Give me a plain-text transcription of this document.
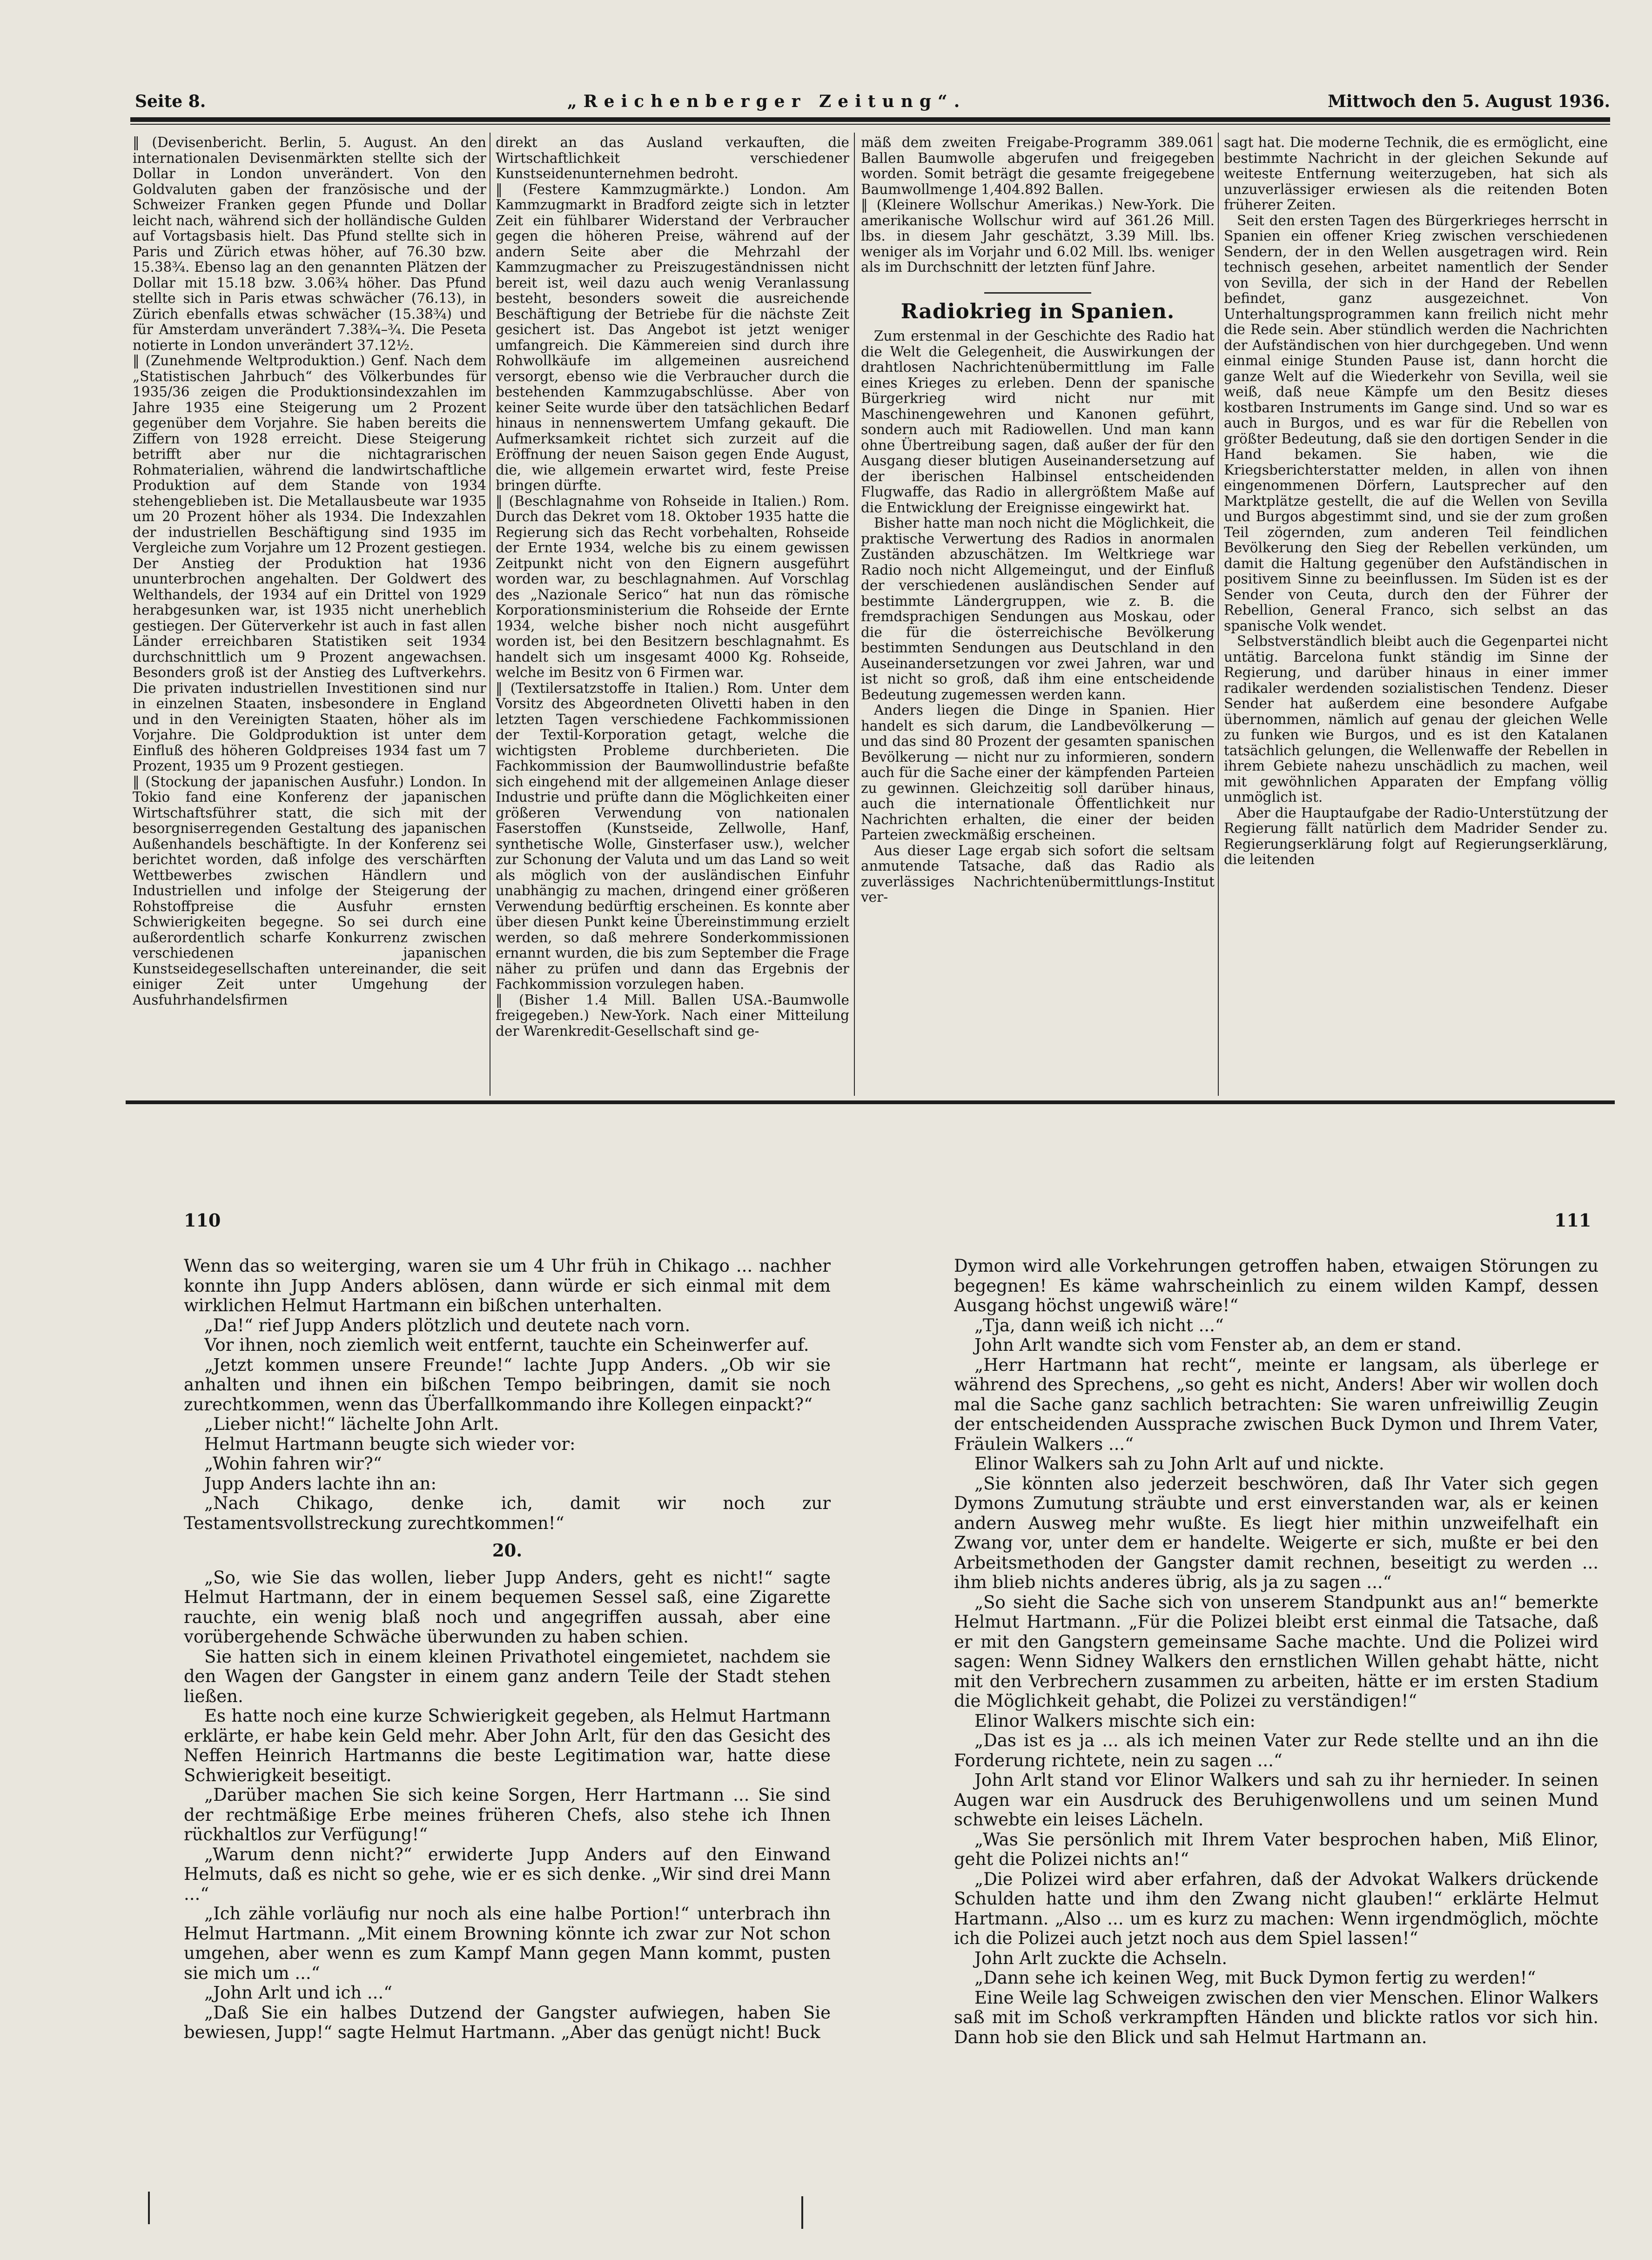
Seite 8.	„Reichenberger Zeitung“.	Mittwoch den 5. August 1936.

‖ (Devisenbericht. Berlin, 5. August. An den internationalen Devisenmärkten stellte sich der Dollar in London unverändert. Von den Goldvaluten gaben der französische und der Schweizer Franken gegen Pfunde und Dollar leicht nach, während sich der holländische Gulden auf Vortagsbasis hielt. Das Pfund stellte sich in Paris und Zürich etwas höher, auf 76.30 bzw. 15.38¾. Ebenso lag an den genannten Plätzen der Dollar mit 15.18 bzw. 3.06¾ höher. Das Pfund stellte sich in Paris etwas schwächer (76.13), in Zürich ebenfalls etwas schwächer (15.38¾) und für Amsterdam unverändert 7.38¾–¾. Die Peseta notierte in London unverändert 37.12½.

‖ (Zunehmende Weltproduktion.) Genf. Nach dem „Statistischen Jahrbuch“ des Völkerbundes für 1935/36 zeigen die Produktionsindexzahlen im Jahre 1935 eine Steigerung um 2 Prozent gegenüber dem Vorjahre. Sie haben bereits die Ziffern von 1928 erreicht. Diese Steigerung betrifft aber nur die nichtagrarischen Rohmaterialien, während die landwirtschaftliche Produktion auf dem Stande von 1934 stehengeblieben ist. Die Metallausbeute war 1935 um 20 Prozent höher als 1934. Die Indexzahlen der industriellen Beschäftigung sind 1935 im Vergleiche zum Vorjahre um 12 Prozent gestiegen. Der Anstieg der Produktion hat 1936 ununterbrochen angehalten. Der Goldwert des Welthandels, der 1934 auf ein Drittel von 1929 herabgesunken war, ist 1935 nicht unerheblich gestiegen. Der Güterverkehr ist auch in fast allen Länder erreichbaren Statistiken seit 1934 durchschnittlich um 9 Prozent angewachsen. Besonders groß ist der Anstieg des Luftverkehrs. Die privaten industriellen Investitionen sind nur in einzelnen Staaten, insbesondere in England und in den Vereinigten Staaten, höher als im Vorjahre. Die Goldproduktion ist unter dem Einfluß des höheren Goldpreises 1934 fast um 7 Prozent, 1935 um 9 Prozent gestiegen.

‖ (Stockung der japanischen Ausfuhr.) London. In Tokio fand eine Konferenz der japanischen Wirtschaftsführer statt, die sich mit der besorgniserregenden Gestaltung des japanischen Außenhandels beschäftigte. In der Konferenz sei berichtet worden, daß infolge des verschärften Wettbewerbes zwischen Händlern und Industriellen und infolge der Steigerung der Rohstoffpreise die Ausfuhr ernsten Schwierigkeiten begegne. So sei durch eine außerordentlich scharfe Konkurrenz zwischen verschiedenen japanischen Kunstseidegesellschaften untereinander, die seit einiger Zeit unter Umgehung der Ausfuhrhandelsfirmen

direkt an das Ausland verkauften, die Wirtschaftlichkeit verschiedener Kunstseidenunternehmen bedroht.

‖ (Festere Kammzugmärkte.) London. Am Kammzugmarkt in Bradford zeigte sich in letzter Zeit ein fühlbarer Widerstand der Verbraucher gegen die höheren Preise, während auf der andern Seite aber die Mehrzahl der Kammzugmacher zu Preiszugeständnissen nicht bereit ist, weil dazu auch wenig Veranlassung besteht, besonders soweit die ausreichende Beschäftigung der Betriebe für die nächste Zeit gesichert ist. Das Angebot ist jetzt weniger umfangreich. Die Kämmereien sind durch ihre Rohwollkäufe im allgemeinen ausreichend versorgt, ebenso wie die Verbraucher durch die bestehenden Kammzugabschlüsse. Aber von keiner Seite wurde über den tatsächlichen Bedarf hinaus in nennenswertem Umfang gekauft. Die Aufmerksamkeit richtet sich zurzeit auf die Eröffnung der neuen Saison gegen Ende August, die, wie allgemein erwartet wird, feste Preise bringen dürfte.

‖ (Beschlagnahme von Rohseide in Italien.) Rom. Durch das Dekret vom 18. Oktober 1935 hatte die Regierung sich das Recht vorbehalten, Rohseide der Ernte 1934, welche bis zu einem gewissen Zeitpunkt nicht von den Eignern ausgeführt worden war, zu beschlagnahmen. Auf Vorschlag des „Nazionale Serico“ hat nun das römische Korporationsministerium die Rohseide der Ernte 1934, welche bisher noch nicht ausgeführt worden ist, bei den Besitzern beschlagnahmt. Es handelt sich um insgesamt 4000 Kg. Rohseide, welche im Besitz von 6 Firmen war.

‖ (Textilersatzstoffe in Italien.) Rom. Unter dem Vorsitz des Abgeordneten Olivetti haben in den letzten Tagen verschiedene Fachkommissionen der Textil-Korporation getagt, welche die wichtigsten Probleme durchberieten. Die Fachkommission der Baumwollindustrie befaßte sich eingehend mit der allgemeinen Anlage dieser Industrie und prüfte dann die Möglichkeiten einer größeren Verwendung von nationalen Faserstoffen (Kunstseide, Zellwolle, Hanf, synthetische Wolle, Ginsterfaser usw.), welcher zur Schonung der Valuta und um das Land so weit als möglich von der ausländischen Einfuhr unabhängig zu machen, dringend einer größeren Verwendung bedürftig erscheinen. Es konnte aber über diesen Punkt keine Übereinstimmung erzielt werden, so daß mehrere Sonderkommissionen ernannt wurden, die bis zum September die Frage näher zu prüfen und dann das Ergebnis der Fachkommission vorzulegen haben.

‖ (Bisher 1.4 Mill. Ballen USA.-Baumwolle freigegeben.) New-York. Nach einer Mitteilung der Warenkredit-Gesellschaft sind ge-

mäß dem zweiten Freigabe-Programm 389.061 Ballen Baumwolle abgerufen und freigegeben worden. Somit beträgt die gesamte freigegebene Baumwollmenge 1,404.892 Ballen.

‖ (Kleinere Wollschur Amerikas.) New-York. Die amerikanische Wollschur wird auf 361.26 Mill. lbs. in diesem Jahr geschätzt, 3.39 Mill. lbs. weniger als im Vorjahr und 6.02 Mill. lbs. weniger als im Durchschnitt der letzten fünf Jahre.

Radiokrieg in Spanien.

Zum erstenmal in der Geschichte des Radio hat die Welt die Gelegenheit, die Auswirkungen der drahtlosen Nachrichtenübermittlung im Falle eines Krieges zu erleben. Denn der spanische Bürgerkrieg wird nicht nur mit Maschinengewehren und Kanonen geführt, sondern auch mit Radiowellen. Und man kann ohne Übertreibung sagen, daß außer der für den Ausgang dieser blutigen Auseinandersetzung auf der iberischen Halbinsel entscheidenden Flugwaffe, das Radio in allergrößtem Maße auf die Entwicklung der Ereignisse eingewirkt hat.

Bisher hatte man noch nicht die Möglichkeit, die praktische Verwertung des Radios in anormalen Zuständen abzuschätzen. Im Weltkriege war Radio noch nicht Allgemeingut, und der Einfluß der verschiedenen ausländischen Sender auf bestimmte Ländergruppen, wie z. B. die fremdsprachigen Sendungen aus Moskau, oder die für die österreichische Bevölkerung bestimmten Sendungen aus Deutschland in den Auseinandersetzungen vor zwei Jahren, war und ist nicht so groß, daß ihm eine entscheidende Bedeutung zugemessen werden kann.

Anders liegen die Dinge in Spanien. Hier handelt es sich darum, die Landbevölkerung — und das sind 80 Prozent der gesamten spanischen Bevölkerung — nicht nur zu informieren, sondern auch für die Sache einer der kämpfenden Parteien zu gewinnen. Gleichzeitig soll darüber hinaus, auch die internationale Öffentlichkeit nur Nachrichten erhalten, die einer der beiden Parteien zweckmäßig erscheinen.

Aus dieser Lage ergab sich sofort die seltsam anmutende Tatsache, daß das Radio als zuverlässiges Nachrichtenübermittlungs-Institut ver-

sagt hat. Die moderne Technik, die es ermöglicht, eine bestimmte Nachricht in der gleichen Sekunde auf weiteste Entfernung weiterzugeben, hat sich als unzuverlässiger erwiesen als die reitenden Boten früherer Zeiten.

Seit den ersten Tagen des Bürgerkrieges herrscht in Spanien ein offener Krieg zwischen verschiedenen Sendern, der in den Wellen ausgetragen wird. Rein technisch gesehen, arbeitet namentlich der Sender von Sevilla, der sich in der Hand der Rebellen befindet, ganz ausgezeichnet. Von Unterhaltungsprogrammen kann freilich nicht mehr die Rede sein. Aber stündlich werden die Nachrichten der Aufständischen von hier durchgegeben. Und wenn einmal einige Stunden Pause ist, dann horcht die ganze Welt auf die Wiederkehr von Sevilla, weil sie weiß, daß neue Kämpfe um den Besitz dieses kostbaren Instruments im Gange sind. Und so war es auch in Burgos, und es war für die Rebellen von größter Bedeutung, daß sie den dortigen Sender in die Hand bekamen. Sie haben, wie die Kriegsberichterstatter melden, in allen von ihnen eingenommenen Dörfern, Lautsprecher auf den Marktplätze gestellt, die auf die Wellen von Sevilla und Burgos abgestimmt sind, und sie der zum großen Teil zögernden, zum anderen Teil feindlichen Bevölkerung den Sieg der Rebellen verkünden, um damit die Haltung gegenüber den Aufständischen in positivem Sinne zu beeinflussen. Im Süden ist es der Sender von Ceuta, durch den der Führer der Rebellion, General Franco, sich selbst an das spanische Volk wendet.

Selbstverständlich bleibt auch die Gegenpartei nicht untätig. Barcelona funkt ständig im Sinne der Regierung, und darüber hinaus in einer immer radikaler werdenden sozialistischen Tendenz. Dieser Sender hat außerdem eine besondere Aufgabe übernommen, nämlich auf genau der gleichen Welle zu funken wie Burgos, und es ist den Katalanen tatsächlich gelungen, die Wellenwaffe der Rebellen in ihrem Gebiete nahezu unschädlich zu machen, weil mit gewöhnlichen Apparaten der Empfang völlig unmöglich ist.

Aber die Hauptaufgabe der Radio-Unterstützung der Regierung fällt natürlich dem Madrider Sender zu. Regierungserklärung folgt auf Regierungserklärung, die leitenden

110	111

Wenn das so weiterging, waren sie um 4 Uhr früh in Chikago ... nachher konnte ihn Jupp Anders ablösen, dann würde er sich einmal mit dem wirklichen Helmut Hartmann ein bißchen unterhalten.

„Da!“ rief Jupp Anders plötzlich und deutete nach vorn.

Vor ihnen, noch ziemlich weit entfernt, tauchte ein Scheinwerfer auf.

„Jetzt kommen unsere Freunde!“ lachte Jupp Anders. „Ob wir sie anhalten und ihnen ein bißchen Tempo beibringen, damit sie noch zurechtkommen, wenn das Überfallkommando ihre Kollegen einpackt?“

„Lieber nicht!“ lächelte John Arlt.

Helmut Hartmann beugte sich wieder vor:

„Wohin fahren wir?“

Jupp Anders lachte ihn an:

„Nach Chikago, denke ich, damit wir noch zur Testamentsvollstreckung zurechtkommen!“

20.

„So, wie Sie das wollen, lieber Jupp Anders, geht es nicht!“ sagte Helmut Hartmann, der in einem bequemen Sessel saß, eine Zigarette rauchte, ein wenig blaß noch und angegriffen aussah, aber eine vorübergehende Schwäche überwunden zu haben schien.

Sie hatten sich in einem kleinen Privathotel eingemietet, nachdem sie den Wagen der Gangster in einem ganz andern Teile der Stadt stehen ließen.

Es hatte noch eine kurze Schwierigkeit gegeben, als Helmut Hartmann erklärte, er habe kein Geld mehr. Aber John Arlt, für den das Gesicht des Neffen Heinrich Hartmanns die beste Legitimation war, hatte diese Schwierigkeit beseitigt.

„Darüber machen Sie sich keine Sorgen, Herr Hartmann ... Sie sind der rechtmäßige Erbe meines früheren Chefs, also stehe ich Ihnen rückhaltlos zur Verfügung!“

„Warum denn nicht?“ erwiderte Jupp Anders auf den Einwand Helmuts, daß es nicht so gehe, wie er es sich denke. „Wir sind drei Mann ...“

„Ich zähle vorläufig nur noch als eine halbe Portion!“ unterbrach ihn Helmut Hartmann. „Mit einem Browning könnte ich zwar zur Not schon umgehen, aber wenn es zum Kampf Mann gegen Mann kommt, pusten sie mich um ...“

„John Arlt und ich ...“

„Daß Sie ein halbes Dutzend der Gangster aufwiegen, haben Sie bewiesen, Jupp!“ sagte Helmut Hartmann. „Aber das genügt nicht! Buck

Dymon wird alle Vorkehrungen getroffen haben, etwaigen Störungen zu begegnen! Es käme wahrscheinlich zu einem wilden Kampf, dessen Ausgang höchst ungewiß wäre!“

„Tja, dann weiß ich nicht ...“

John Arlt wandte sich vom Fenster ab, an dem er stand.

„Herr Hartmann hat recht“, meinte er langsam, als überlege er während des Sprechens, „so geht es nicht, Anders! Aber wir wollen doch mal die Sache ganz sachlich betrachten: Sie waren unfreiwillig Zeugin der entscheidenden Aussprache zwischen Buck Dymon und Ihrem Vater, Fräulein Walkers ...“

Elinor Walkers sah zu John Arlt auf und nickte.

„Sie könnten also jederzeit beschwören, daß Ihr Vater sich gegen Dymons Zumutung sträubte und erst einverstanden war, als er keinen andern Ausweg mehr wußte. Es liegt hier mithin unzweifelhaft ein Zwang vor, unter dem er handelte. Weigerte er sich, mußte er bei den Arbeitsmethoden der Gangster damit rechnen, beseitigt zu werden ... ihm blieb nichts anderes übrig, als ja zu sagen ...“

„So sieht die Sache sich von unserem Standpunkt aus an!“ bemerkte Helmut Hartmann. „Für die Polizei bleibt erst einmal die Tatsache, daß er mit den Gangstern gemeinsame Sache machte. Und die Polizei wird sagen: Wenn Sidney Walkers den ernstlichen Willen gehabt hätte, nicht mit den Verbrechern zusammen zu arbeiten, hätte er im ersten Stadium die Möglichkeit gehabt, die Polizei zu verständigen!“

Elinor Walkers mischte sich ein:

„Das ist es ja ... als ich meinen Vater zur Rede stellte und an ihn die Forderung richtete, nein zu sagen ...“

John Arlt stand vor Elinor Walkers und sah zu ihr hernieder. In seinen Augen war ein Ausdruck des Beruhigenwollens und um seinen Mund schwebte ein leises Lächeln.

„Was Sie persönlich mit Ihrem Vater besprochen haben, Miß Elinor, geht die Polizei nichts an!“

„Die Polizei wird aber erfahren, daß der Advokat Walkers drückende Schulden hatte und ihm den Zwang nicht glauben!“ erklärte Helmut Hartmann. „Also ... um es kurz zu machen: Wenn irgendmöglich, möchte ich die Polizei auch jetzt noch aus dem Spiel lassen!“

John Arlt zuckte die Achseln.

„Dann sehe ich keinen Weg, mit Buck Dymon fertig zu werden!“

Eine Weile lag Schweigen zwischen den vier Menschen. Elinor Walkers saß mit im Schoß verkrampften Händen und blickte ratlos vor sich hin. Dann hob sie den Blick und sah Helmut Hartmann an.
